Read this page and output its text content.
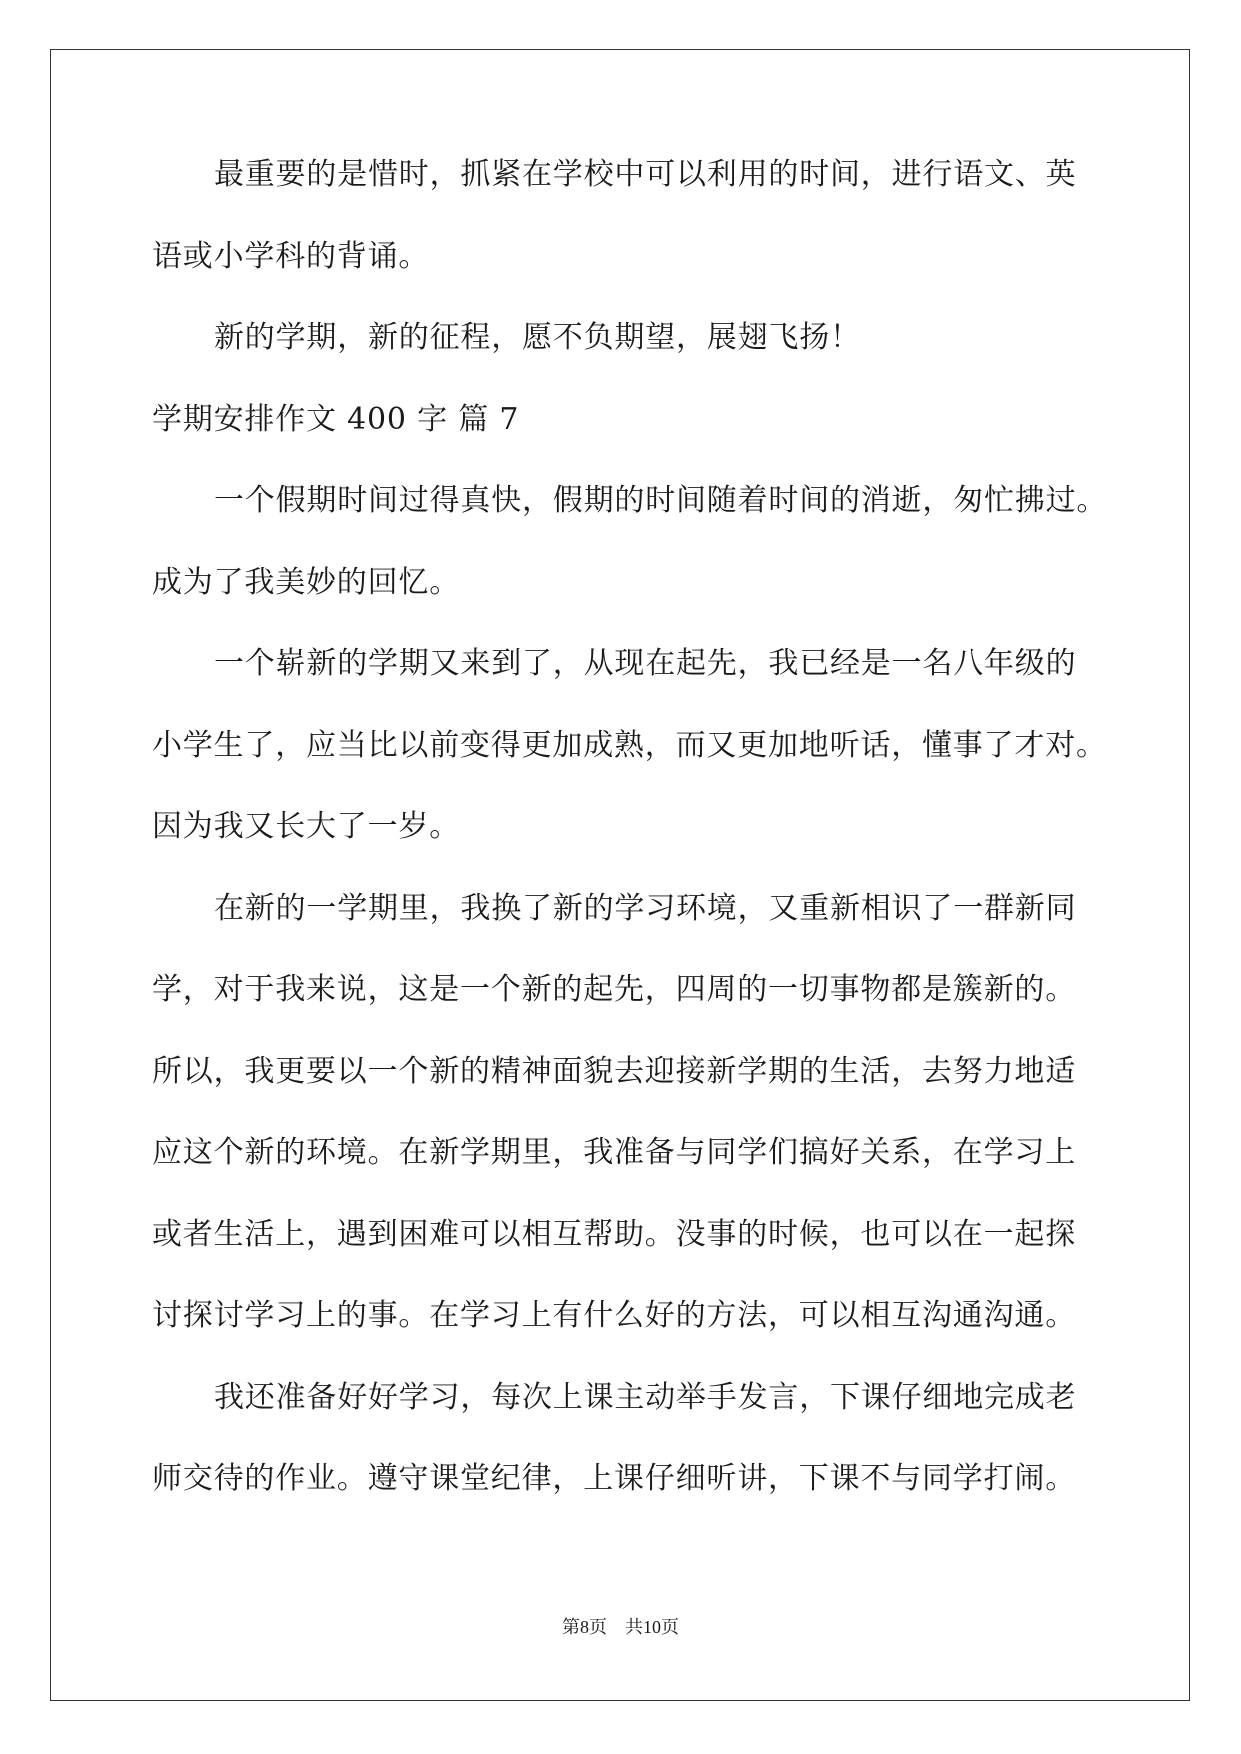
最重要的是惜时，抓紧在学校中可以利用的时间，进行语文、英
语或小学科的背诵。
新的学期，新的征程，愿不负期望，展翅飞扬！
学期安排作文 400 字 篇 7
一个假期时间过得真快，假期的时间随着时间的消逝，匆忙拂过。
成为了我美妙的回忆。
一个崭新的学期又来到了，从现在起先，我已经是一名八年级的
小学生了，应当比以前变得更加成熟，而又更加地听话，懂事了才对。
因为我又长大了一岁。
在新的一学期里，我换了新的学习环境，又重新相识了一群新同
学，对于我来说，这是一个新的起先，四周的一切事物都是簇新的。
所以，我更要以一个新的精神面貌去迎接新学期的生活，去努力地适
应这个新的环境。在新学期里，我准备与同学们搞好关系，在学习上
或者生活上，遇到困难可以相互帮助。没事的时候，也可以在一起探
讨探讨学习上的事。在学习上有什么好的方法，可以相互沟通沟通。
我还准备好好学习，每次上课主动举手发言，下课仔细地完成老
师交待的作业。遵守课堂纪律，上课仔细听讲，下课不与同学打闹。
第8页 共10页
